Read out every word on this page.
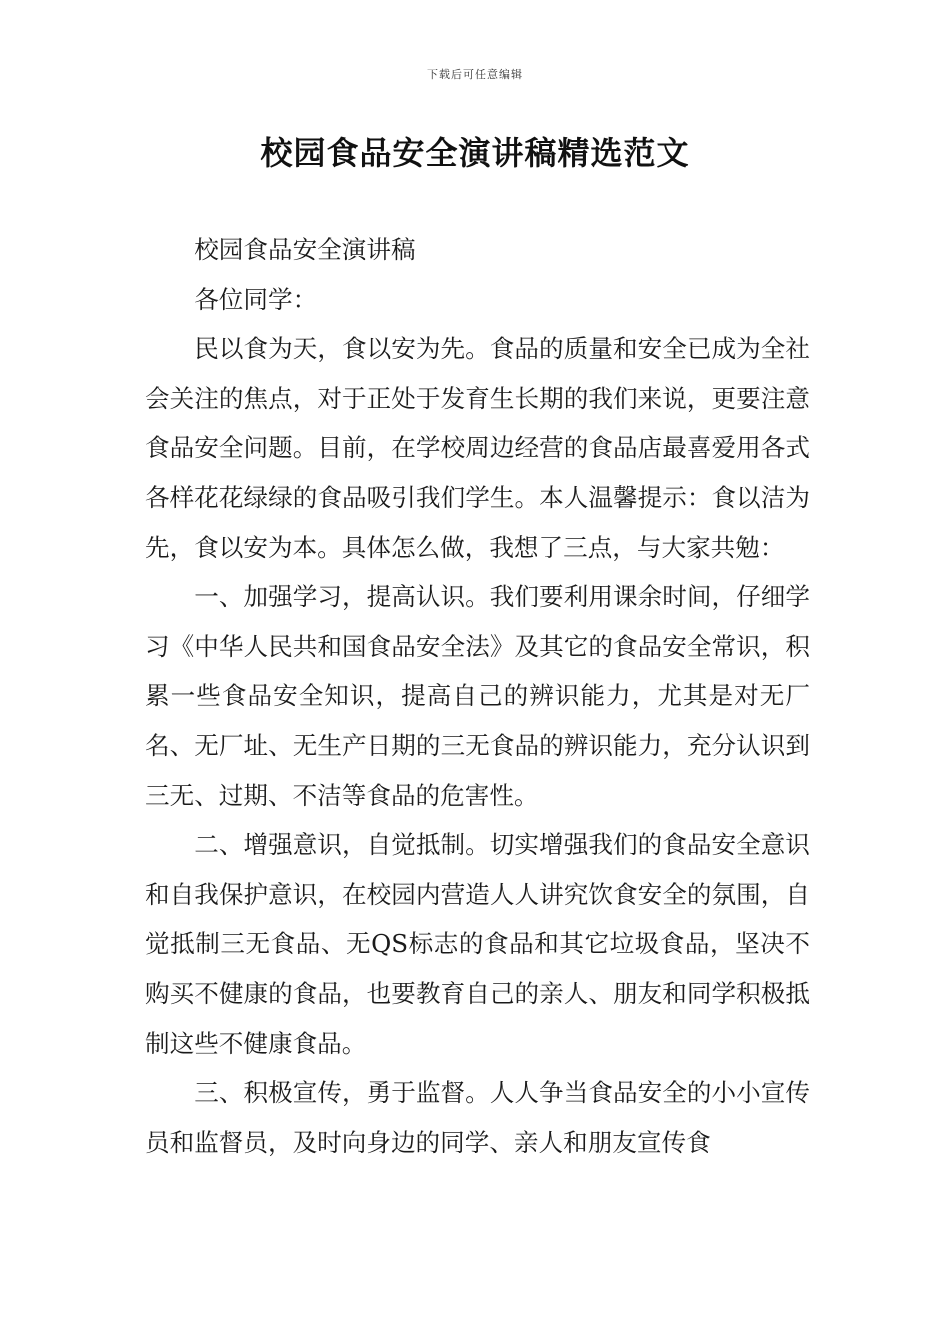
下载后可任意编辑
校园食品安全演讲稿精选范文

校园食品安全演讲稿

各位同学：

民以食为天，食以安为先。食品的质量和安全已成为全社会关注的焦点，对于正处于发育生长期的我们来说，更要注意食品安全问题。目前，在学校周边经营的食品店最喜爱用各式各样花花绿绿的食品吸引我们学生。本人温馨提示：食以洁为先，食以安为本。具体怎么做，我想了三点，与大家共勉：

一、加强学习，提高认识。我们要利用课余时间，仔细学习《中华人民共和国食品安全法》及其它的食品安全常识，积累一些食品安全知识，提高自己的辨识能力，尤其是对无厂名、无厂址、无生产日期的三无食品的辨识能力，充分认识到三无、过期、不洁等食品的危害性。

二、增强意识，自觉抵制。切实增强我们的食品安全意识和自我保护意识，在校园内营造人人讲究饮食安全的氛围，自觉抵制三无食品、无QS标志的食品和其它垃圾食品，坚决不购买不健康的食品，也要教育自己的亲人、朋友和同学积极抵制这些不健康食品。

三、积极宣传，勇于监督。人人争当食品安全的小小宣传员和监督员，及时向身边的同学、亲人和朋友宣传食
